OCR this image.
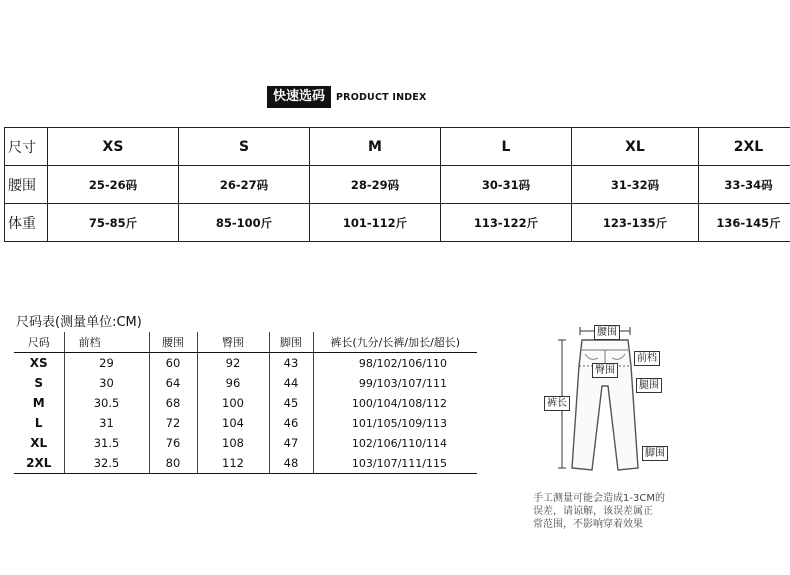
快速选码	PRODUCT INDEX
尺寸	XS	S	M	L	XL	2XL
腰围	25-26码	26-27码	28-29码	30-31码	31-32码	33-34码
体重	75-85斤	85-100斤	101-112斤	113-122斤	123-135斤	136-145斤
尺码表(测量单位:CM)
尺码	前档	腰围	臀围	脚围	裤长(九分/长裤/加长/超长)
XS	29	60	92	43	98/102/106/110
S	30	64	96	44	99/103/107/111
M	30.5	68	100	45	100/104/108/112
L	31	72	104	46	101/105/109/113
XL	31.5	76	108	47	102/106/110/114
2XL	32.5	80	112	48	103/107/111/115
腰围
前档
臀围
腿围
裤长
脚围
手工测量可能会造成1-3CM的
误差，请谅解，该误差属正
常范围，不影响穿着效果
